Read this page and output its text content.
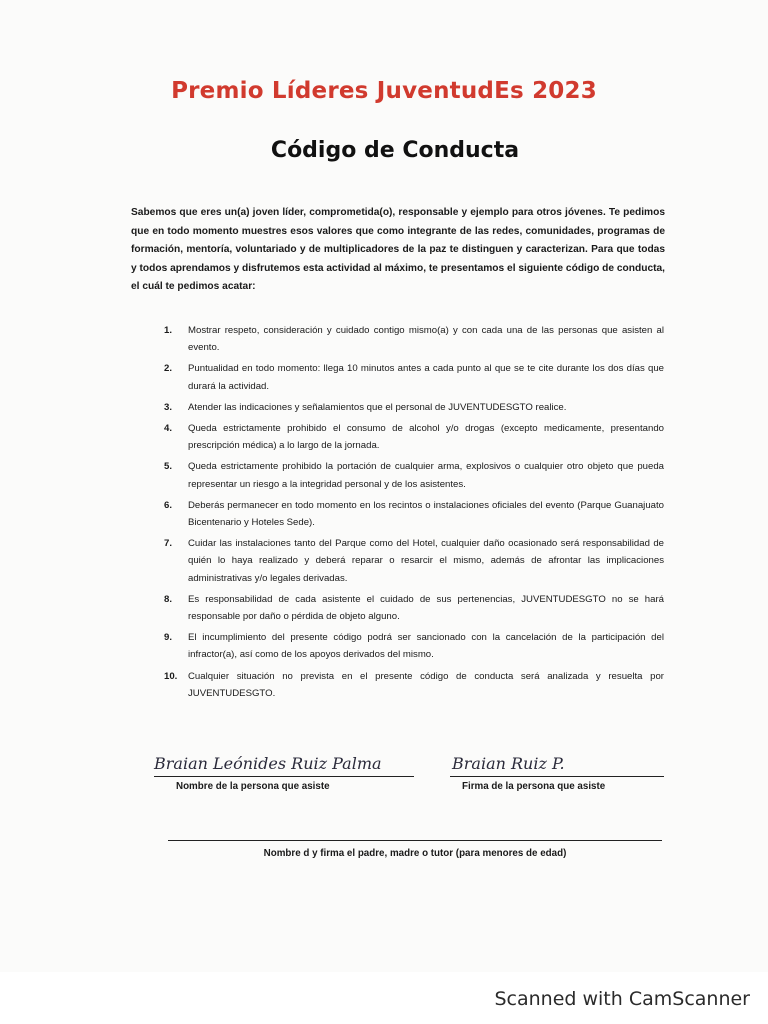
Premio Líderes JuventudEs 2023
Código de Conducta
Sabemos que eres un(a) joven líder, comprometida(o), responsable y ejemplo para otros jóvenes. Te pedimos que en todo momento muestres esos valores que como integrante de las redes, comunidades, programas de formación, mentoría, voluntariado y de multiplicadores de la paz te distinguen y caracterizan. Para que todas y todos aprendamos y disfrutemos esta actividad al máximo, te presentamos el siguiente código de conducta, el cuál te pedimos acatar:
1. Mostrar respeto, consideración y cuidado contigo mismo(a) y con cada una de las personas que asisten al evento.
2. Puntualidad en todo momento: llega 10 minutos antes a cada punto al que se te cite durante los dos días que durará la actividad.
3. Atender las indicaciones y señalamientos que el personal de JUVENTUDESGTO realice.
4. Queda estrictamente prohibido el consumo de alcohol y/o drogas (excepto medicamente, presentando prescripción médica) a lo largo de la jornada.
5. Queda estrictamente prohibido la portación de cualquier arma, explosivos o cualquier otro objeto que pueda representar un riesgo a la integridad personal y de los asistentes.
6. Deberás permanecer en todo momento en los recintos o instalaciones oficiales del evento (Parque Guanajuato Bicentenario y Hoteles Sede).
7. Cuidar las instalaciones tanto del Parque como del Hotel, cualquier daño ocasionado será responsabilidad de quién lo haya realizado y deberá reparar o resarcir el mismo, además de afrontar las implicaciones administrativas y/o legales derivadas.
8. Es responsabilidad de cada asistente el cuidado de sus pertenencias, JUVENTUDESGTO no se hará responsable por daño o pérdida de objeto alguno.
9. El incumplimiento del presente código podrá ser sancionado con la cancelación de la participación del infractor(a), así como de los apoyos derivados del mismo.
10. Cualquier situación no prevista en el presente código de conducta será analizada y resuelta por JUVENTUDESGTO.
Braian Leónides Ruiz Palma
Nombre de la persona que asiste
Braian Ruiz P.
Firma de la persona que asiste
Nombre d y firma el padre, madre o tutor (para menores de edad)
Scanned with CamScanner
